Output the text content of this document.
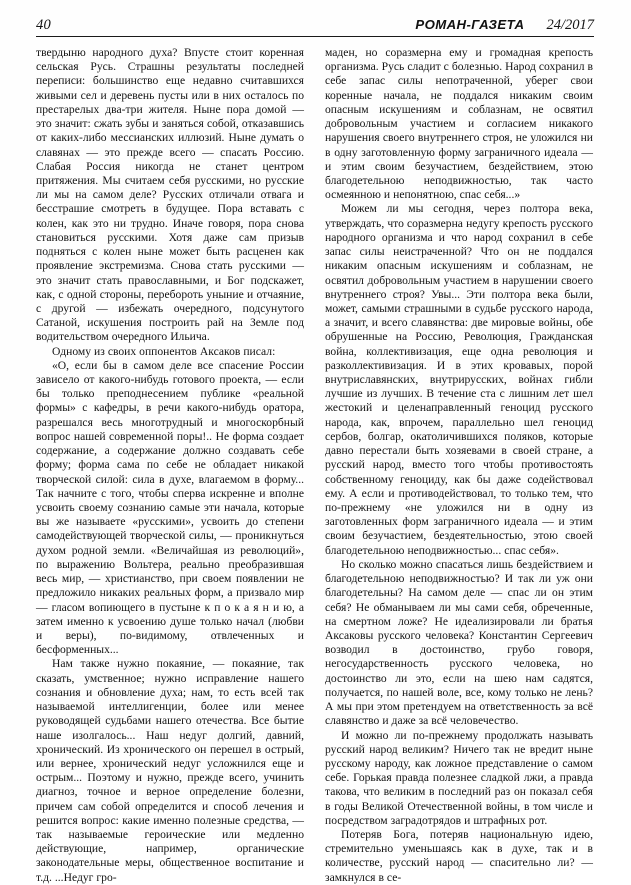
40	РОМАН-ГАЗЕТА 24/2017

твердыню народного духа? Впусте стоит коренная сельская Русь. Страшны результаты последней переписи: большинство еще недавно считавшихся живыми сел и деревень пусты или в них осталось по престарелых два-три жителя. Ныне пора домой — это значит: сжать зубы и заняться собой, отказавшись от каких-либо мессианских иллюзий. Ныне думать о славянах — это прежде всего — спасать Россию. Слабая Россия никогда не станет центром притяжения. Мы считаем себя русскими, но русские ли мы на самом деле? Русских отличали отвага и бесстрашие смотреть в будущее. Пора вставать с колен, как это ни трудно. Иначе говоря, пора снова становиться русскими. Хотя даже сам призыв подняться с колен ныне может быть расценен как проявление экстремизма. Снова стать русскими — это значит стать православными, и Бог подскажет, как, с одной стороны, перебороть уныние и отчаяние, с другой — избежать очередного, подсунутого Сатаной, искушения построить рай на Земле под водительством очередного Ильича.

Одному из своих оппонентов Аксаков писал:

«О, если бы в самом деле все спасение России зависело от какого-нибудь готового проекта, — если бы только преподнесением публике «реальной формы» с кафедры, в речи какого-нибудь оратора, разрешался весь многотрудный и многоскорбный вопрос нашей современной поры!.. Не форма создает содержание, а содержание должно создавать себе форму; форма сама по себе не обладает никакой творческой силой: сила в духе, влагаемом в форму... Так начните с того, чтобы сперва искренне и вполне усвоить своему сознанию самые эти начала, которые вы же называете «русскими», усвоить до степени самодействующей творческой силы, — проникнуться духом родной земли. «Величайшая из революций», по выражению Вольтера, реально преобразившая весь мир, — христианство, при своем появлении не предложило никаких реальных форм, а призвало мир — гласом вопиющего в пустыне к п о к а я н и ю, а затем именно к усвоению душе только начал (любви и веры), по-видимому, отвлеченных и бесформенных...

Нам также нужно покаяние, — покаяние, так сказать, умственное; нужно исправление нашего сознания и обновление духа; нам, то есть всей так называемой интеллигенции, более или менее руководящей судьбами нашего отечества. Все бытие наше изолгалось... Наш недуг долгий, давний, хронический. Из хронического он перешел в острый, или вернее, хронический недуг усложнился еще и острым... Поэтому и нужно, прежде всего, учинить диагноз, точное и верное определение болезни, причем сам собой определится и способ лечения и решится вопрос: какие именно полезные средства, — так называемые героические или медленно действующие, например, органические законодательные меры, общественное воспитание и т.д. ...Недуг гро-

маден, но соразмерна ему и громадная крепость организма. Русь сладит с болезнью. Народ сохранил в себе запас силы непотраченной, уберег свои коренные начала, не поддался никаким своим опасным искушениям и соблазнам, не освятил добровольным участием и согласием никакого нарушения своего внутреннего строя, не уложился ни в одну заготовленную форму заграничного идеала — и этим своим безучастием, бездействием, этою благодетельною неподвижностью, так часто осмеянною и непонятною, спас себя...»

Можем ли мы сегодня, через полтора века, утверждать, что соразмерна недугу крепость русского народного организма и что народ сохранил в себе запас силы неистраченной? Что он не поддался никаким опасным искушениям и соблазнам, не освятил добровольным участием в нарушении своего внутреннего строя? Увы... Эти полтора века были, может, самыми страшными в судьбе русского народа, а значит, и всего славянства: две мировые войны, обе обрушенные на Россию, Революция, Гражданская война, коллективизация, еще одна революция и разколлективизация. И в этих кровавых, порой внутриславянских, внутрирусских, войнах гибли лучшие из лучших. В течение ста с лишним лет шел жестокий и целенаправленный геноцид русского народа, как, впрочем, параллельно шел геноцид сербов, болгар, окатоличившихся поляков, которые давно перестали быть хозяевами в своей стране, а русский народ, вместо того чтобы противостоять собственному геноциду, как бы даже содействовал ему. А если и противодействовал, то только тем, что по-прежнему «не уложился ни в одну из заготовленных форм заграничного идеала — и этим своим безучастием, бездеятельностью, этою своей благодетельною неподвижностью... спас себя».

Но сколько можно спасаться лишь бездействием и благодетельною неподвижностью? И так ли уж они благодетельны? На самом деле — спас ли он этим себя? Не обманываем ли мы сами себя, обреченные, на смертном ложе? Не идеализировали ли братья Аксаковы русского человека? Константин Сергеевич возводил в достоинство, грубо говоря, негосударственность русского человека, но достоинство ли это, если на шею нам садятся, получается, по нашей воле, все, кому только не лень? А мы при этом претендуем на ответственность за всё славянство и даже за всё человечество.

И можно ли по-прежнему продолжать называть русский народ великим? Ничего так не вредит ныне русскому народу, как ложное представление о самом себе. Горькая правда полезнее сладкой лжи, а правда такова, что великим в последний раз он показал себя в годы Великой Отечественной войны, в том числе и посредством заградотрядов и штрафных рот.

Потеряв Бога, потеряв национальную идею, стремительно уменьшаясь как в духе, так и в количестве, русский народ — спасительно ли? — замкнулся в се-
